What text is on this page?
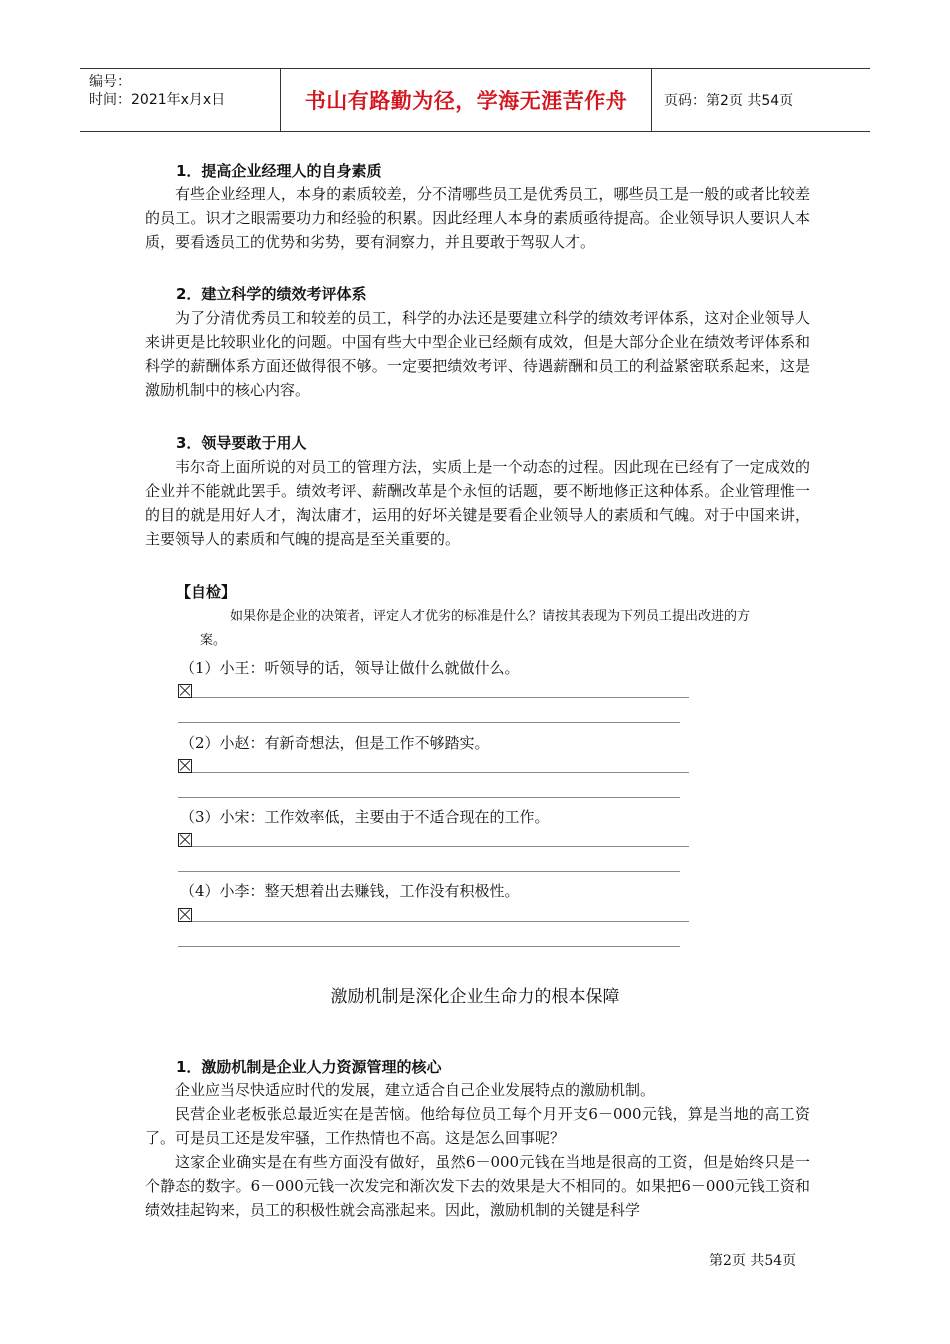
编号：
时间：2021年x月x日	书山有路勤为径，学海无涯苦作舟	页码：第2页 共54页
1．提高企业经理人的自身素质

有些企业经理人，本身的素质较差，分不清哪些员工是优秀员工，哪些员工是一般的或者比较差的员工。识才之眼需要功力和经验的积累。因此经理人本身的素质亟待提高。企业领导识人要识人本质，要看透员工的优势和劣势，要有洞察力，并且要敢于驾驭人才。

2．建立科学的绩效考评体系

为了分清优秀员工和较差的员工，科学的办法还是要建立科学的绩效考评体系，这对企业领导人来讲更是比较职业化的问题。中国有些大中型企业已经颇有成效，但是大部分企业在绩效考评体系和科学的薪酬体系方面还做得很不够。一定要把绩效考评、待遇薪酬和员工的利益紧密联系起来，这是激励机制中的核心内容。

3．领导要敢于用人

韦尔奇上面所说的对员工的管理方法，实质上是一个动态的过程。因此现在已经有了一定成效的企业并不能就此罢手。绩效考评、薪酬改革是个永恒的话题，要不断地修正这种体系。企业管理惟一的目的就是用好人才，淘汰庸才，运用的好坏关键是要看企业领导人的素质和气魄。对于中国来讲，主要领导人的素质和气魄的提高是至关重要的。

【自检】

如果你是企业的决策者，评定人才优劣的标准是什么？请按其表现为下列员工提出改进的方案。

（1）小王：听领导的话，领导让做什么就做什么。
（2）小赵：有新奇想法，但是工作不够踏实。
（3）小宋：工作效率低，主要由于不适合现在的工作。
（4）小李：整天想着出去赚钱，工作没有积极性。
激励机制是深化企业生命力的根本保障
1．激励机制是企业人力资源管理的核心

企业应当尽快适应时代的发展，建立适合自己企业发展特点的激励机制。

民营企业老板张总最近实在是苦恼。他给每位员工每个月开支6－000元钱，算是当地的高工资了。可是员工还是发牢骚，工作热情也不高。这是怎么回事呢？

这家企业确实是在有些方面没有做好，虽然6－000元钱在当地是很高的工资，但是始终只是一个静态的数字。6－000元钱一次发完和渐次发下去的效果是大不相同的。如果把6－000元钱工资和绩效挂起钩来，员工的积极性就会高涨起来。因此，激励机制的关键是科学

第2页 共54页
